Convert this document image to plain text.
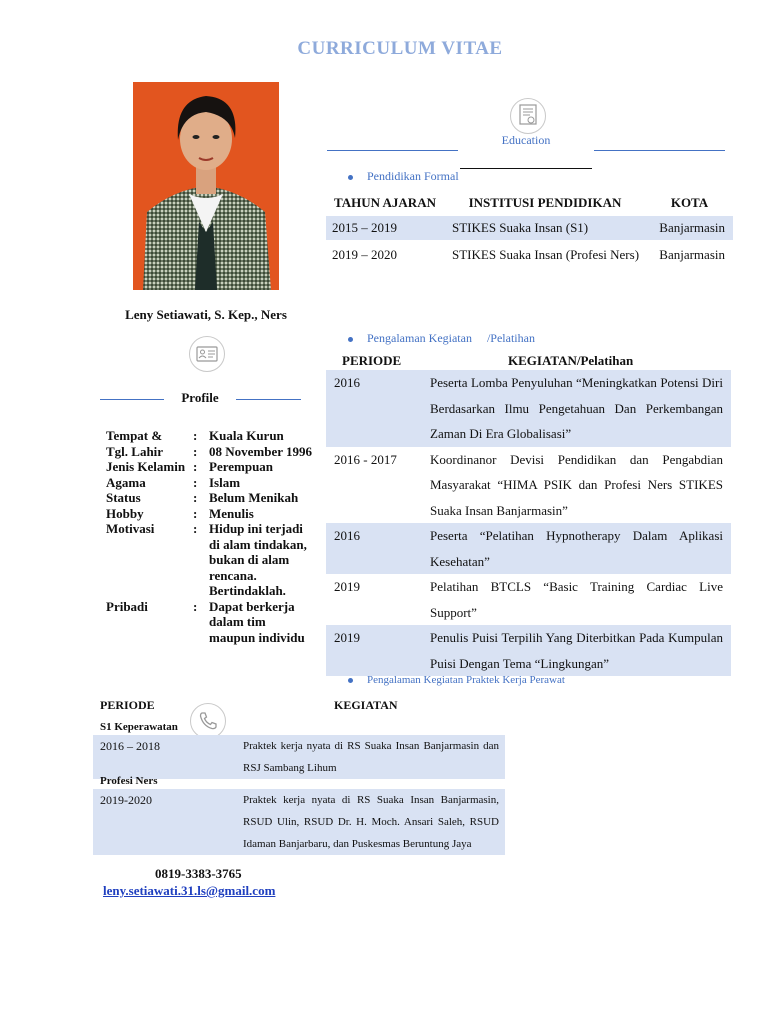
CURRICULUM VITAE
Leny Setiawati, S. Kep., Ners
Profile
Tempat &	:	Kuala Kurun
Tgl. Lahir	:	08 November 1996
Jenis Kelamin	:	Perempuan
Agama	:	Islam
Status	:	Belum Menikah
Hobby	:	Menulis
Motivasi	:	Hidup ini terjadi di alam tindakan, bukan di alam rencana. Bertindaklah.
Pribadi	:	Dapat berkerja dalam tim maupun individu
Education
Pendidikan Formal
TAHUN AJARAN	INSTITUSI PENDIDIKAN	KOTA
2015 – 2019	STIKES Suaka Insan (S1)	Banjarmasin
2019 – 2020	STIKES Suaka Insan (Profesi Ners)	Banjarmasin
Pengalaman Kegiatan     /Pelatihan
PERIODE	KEGIATAN/Pelatihan
2016	Peserta Lomba Penyuluhan “Meningkatkan Potensi Diri Berdasarkan Ilmu Pengetahuan Dan Perkembangan Zaman Di Era Globalisasi”
2016 - 2017	Koordinanor Devisi Pendidikan dan Pengabdian Masyarakat “HIMA PSIK dan Profesi Ners STIKES Suaka Insan Banjarmasin”
2016	Peserta “Pelatihan Hypnotherapy Dalam Aplikasi Kesehatan”
2019	Pelatihan BTCLS “Basic Training Cardiac Live Support”
2019	Penulis Puisi Terpilih Yang Diterbitkan Pada Kumpulan Puisi Dengan Tema “Lingkungan”
Pengalaman Kegiatan Praktek Kerja Perawat
PERIODE	KEGIATAN
S1 Keperawatan
2016 – 2018	Praktek kerja nyata di RS Suaka Insan Banjarmasin dan RSJ Sambang Lihum
Profesi Ners
2019-2020	Praktek kerja nyata di RS Suaka Insan Banjarmasin, RSUD Ulin, RSUD Dr. H. Moch. Ansari Saleh, RSUD Idaman Banjarbaru, dan Puskesmas Beruntung Jaya
0819-3383-3765
leny.setiawati.31.ls@gmail.com
